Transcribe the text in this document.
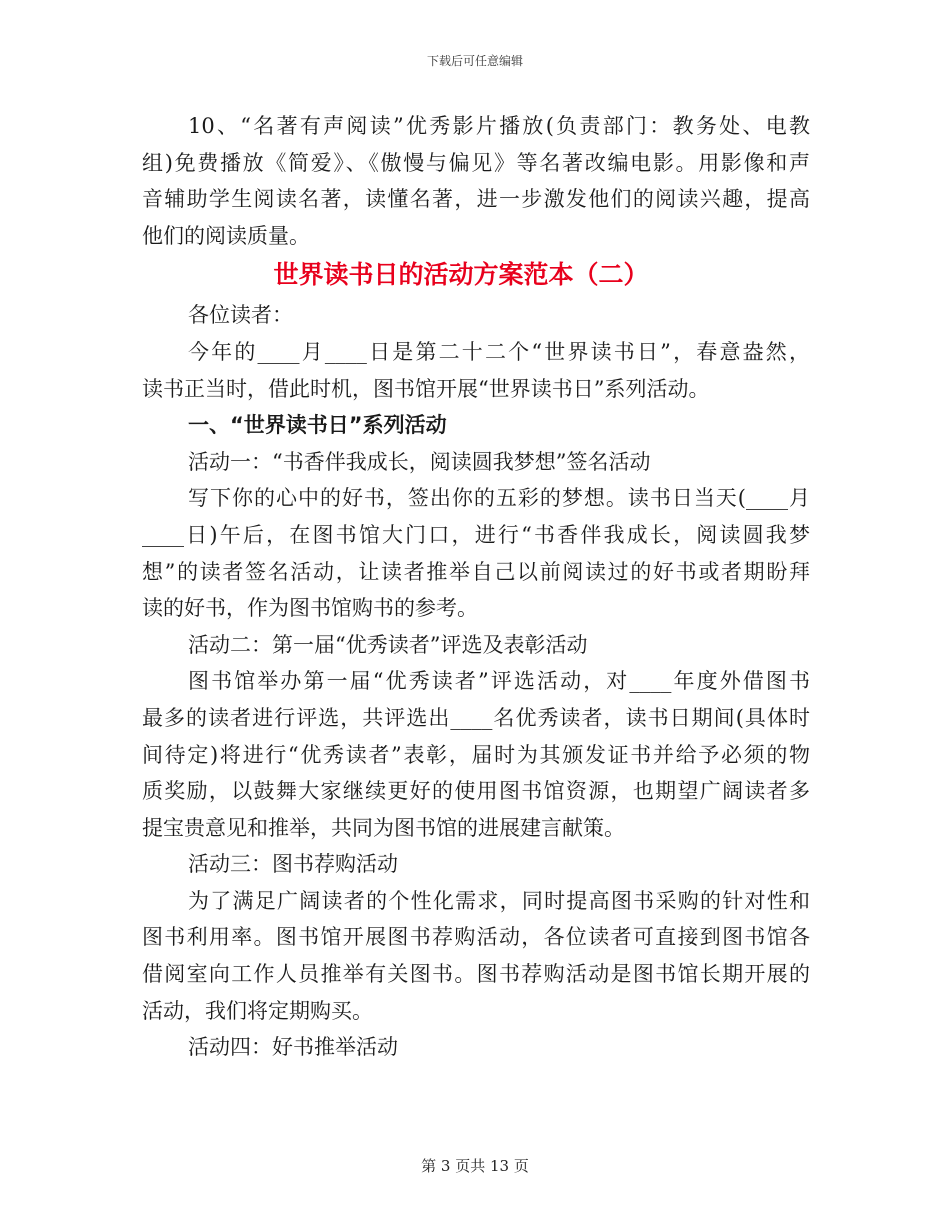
下载后可任意编辑
10、“名著有声阅读”优秀影片播放(负责部门：教务处、电教
组)免费播放《简爱》、《傲慢与偏见》等名著改编电影。用影像和声
音辅助学生阅读名著，读懂名著，进一步激发他们的阅读兴趣，提高
他们的阅读质量。
世界读书日的活动方案范本（二）
各位读者：
今年的____月____日是第二十二个“世界读书日”，春意盎然，
读书正当时，借此时机，图书馆开展“世界读书日”系列活动。
一、“世界读书日”系列活动
活动一：“书香伴我成长，阅读圆我梦想”签名活动
写下你的心中的好书，签出你的五彩的梦想。读书日当天(____月
____日)午后，在图书馆大门口，进行“书香伴我成长，阅读圆我梦
想”的读者签名活动，让读者推举自己以前阅读过的好书或者期盼拜
读的好书，作为图书馆购书的参考。
活动二：第一届“优秀读者”评选及表彰活动
图书馆举办第一届“优秀读者”评选活动，对____年度外借图书
最多的读者进行评选，共评选出____名优秀读者，读书日期间(具体时
间待定)将进行“优秀读者”表彰，届时为其颁发证书并给予必须的物
质奖励，以鼓舞大家继续更好的使用图书馆资源，也期望广阔读者多
提宝贵意见和推举，共同为图书馆的进展建言献策。
活动三：图书荐购活动
为了满足广阔读者的个性化需求，同时提高图书采购的针对性和
图书利用率。图书馆开展图书荐购活动，各位读者可直接到图书馆各
借阅室向工作人员推举有关图书。图书荐购活动是图书馆长期开展的
活动，我们将定期购买。
活动四：好书推举活动
第 3 页共 13 页
